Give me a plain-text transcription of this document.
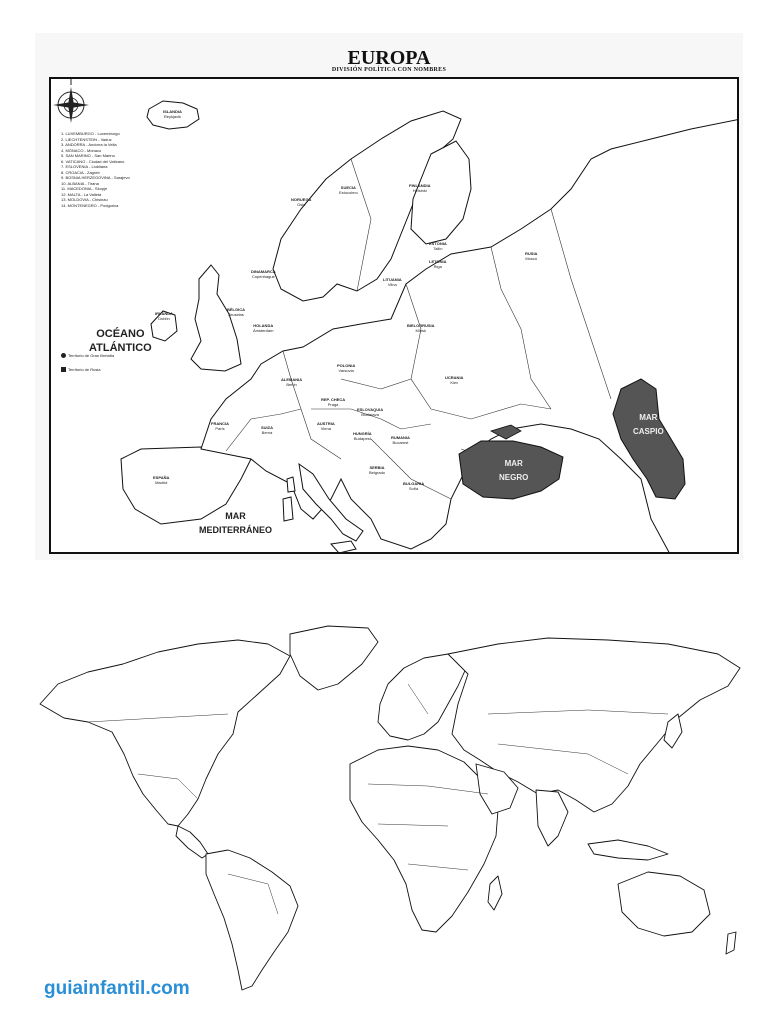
EUROPA
DIVISIÓN POLÍTICA CON NOMBRES
1. LUXEMBURGO - Luxemburgo
2. LIECHTENSTEIN - Vaduz
3. ANDORRA - Andorra la Vella
4. MÓNACO - Mónaco
5. SAN MARINO - San Marino
6. VATICANO - Ciudad del Vaticano
7. ESLOVENIA - Liubliana
8. CROACIA - Zagreb
9. BOSNIA HERZEGOVINA - Sarajevo
10. ALBANIA - Tirana
11. MACEDONIA - Skopje
12. MALTA - La Valleta
13. MOLDOVIA - Chisinau
14. MONTENEGRO - Podgorica
Territorio de Gran Bretaña
Territorio de Rusia
ISLANDIA
Reykjavik
NORUEGA
Oslo
SUECIA
Estocolmo
FINLANDIA
Helsinki
ESTONIA
Tallin
LETONIA
Riga
LITUANIA
Vilna
RUSIA
Moscú
DINAMARCA
Copenhague
IRLANDA
Dublín
BÉLGICA
Bruselas
HOLANDA
Ámsterdam
ALEMANIA
Berlín
POLONIA
Varsovia
BIELORRUSIA
Minsk
UCRANIA
Kiev
REP. CHECA
Praga
ESLOVAQUIA
Bratislava
AUSTRIA
Viena
HUNGRÍA
Budapest
SUIZA
Berna
FRANCIA
París
RUMANIA
Bucarest
SERBIA
Belgrado
BULGARIA
Sofía
ESPAÑA
Madrid
OCÉANO
ATLÁNTICO
MAR
MEDITERRÁNEO
MAR
NEGRO
MAR
CASPIO
guiainfantil.com
